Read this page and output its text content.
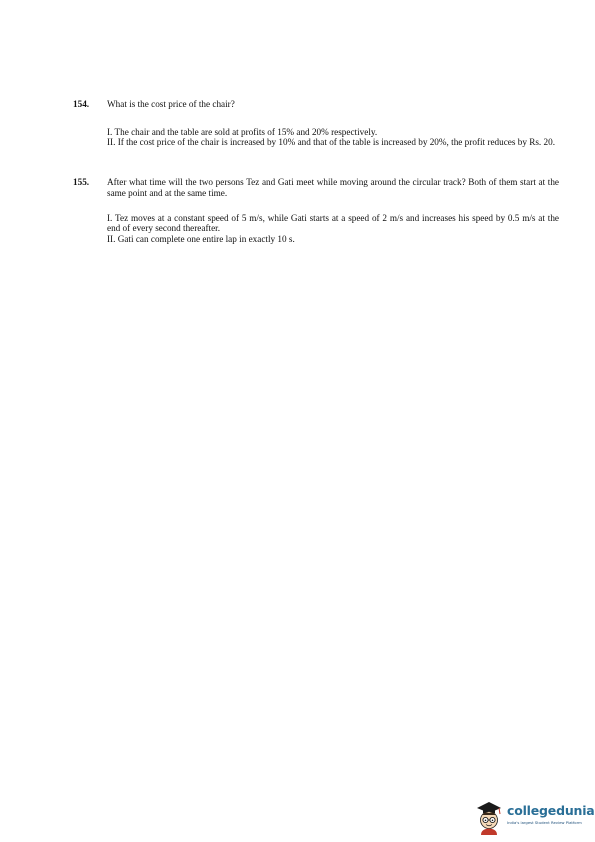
154. What is the cost price of the chair?
I. The chair and the table are sold at profits of 15% and 20% respectively.
II. If the cost price of the chair is increased by 10% and that of the table is increased by 20%, the profit reduces by Rs. 20.
155. After what time will the two persons Tez and Gati meet while moving around the circular track? Both of them start at the same point and at the same time.
I. Tez moves at a constant speed of 5 m/s, while Gati starts at a speed of 2 m/s and increases his speed by 0.5 m/s at the end of every second thereafter.
II. Gati can complete one entire lap in exactly 10 s.
collegedunia
India's largest Student Review Platform
